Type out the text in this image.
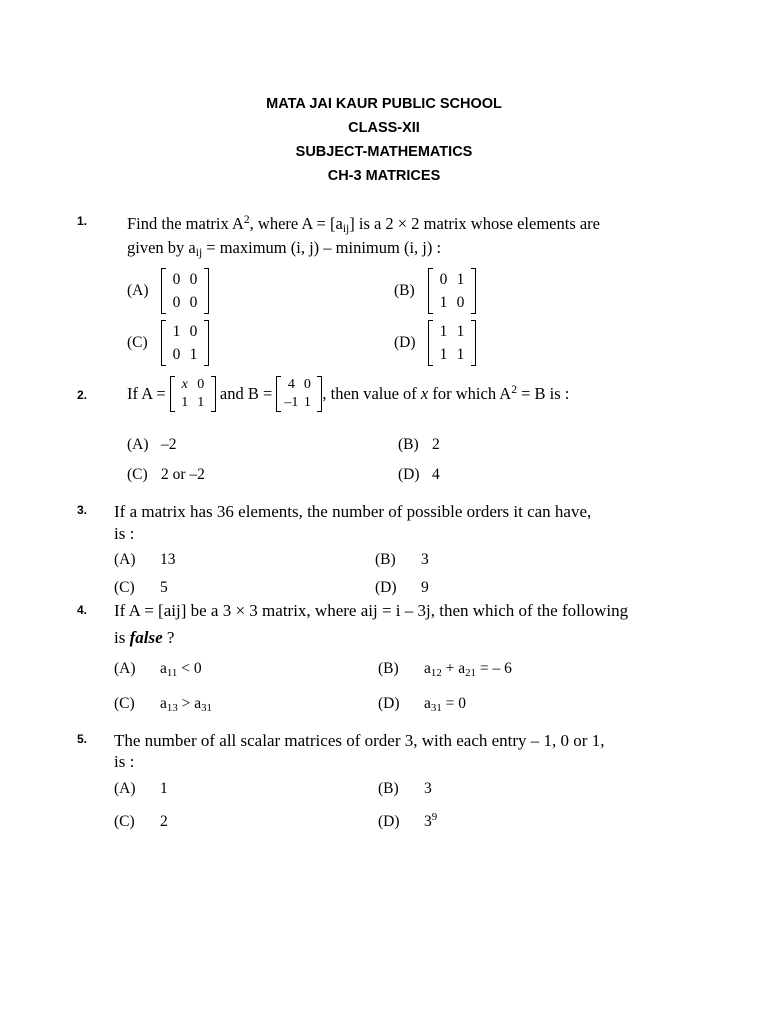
MATA JAI KAUR PUBLIC SCHOOL
CLASS-XII
SUBJECT-MATHEMATICS
CH-3 MATRICES
1. Find the matrix $A^2$, where $A = [a_{ij}]$ is a 2 × 2 matrix whose elements are
given by $a_{ij}$ = maximum (i, j) – minimum (i, j) :
(A)
0 0
0 0
(B)
0 1
1 0
(C)
1 0
0 1
(D)
1 1
1 1
2. If A =	x 0
1 1 and B =	4 0
–1 1 , then value of x for which $A^2 = B$ is :
(A) –2	(B) 2
(C) 2 or –2	(D) 4
3. If a matrix has 36 elements, the number of possible orders it can have,
is :
(A) 13	(B) 3
(C) 5	(D) 9
4. If A = [aij] be a 3 × 3 matrix, where aij = i – 3j, then which of the following
is false ?
(A) $a_{11} < 0$	(B) $a_{12} + a_{21}$ = – 6
(C) $a_{13} > a_{31}$	(D) $a_{31} = 0$
5. The number of all scalar matrices of order 3, with each entry – 1, 0 or 1,
is :
(A) 1	(B) 3
(C) 2	(D) $3^9$
